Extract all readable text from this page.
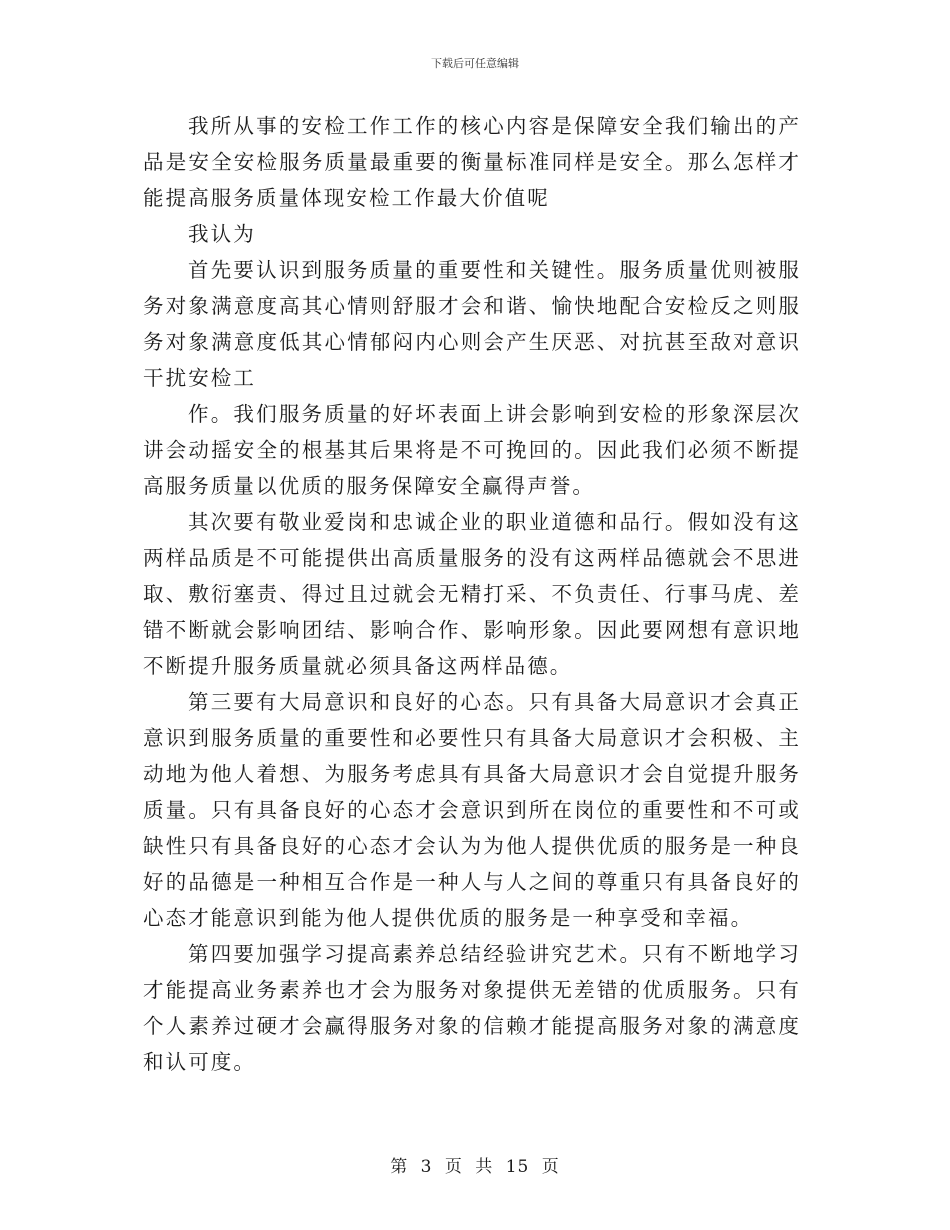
下载后可任意编辑

我所从事的安检工作工作的核心内容是保障安全我们输出的产品是安全安检服务质量最重要的衡量标准同样是安全。那么怎样才能提高服务质量体现安检工作最大价值呢

我认为

首先要认识到服务质量的重要性和关键性。服务质量优则被服务对象满意度高其心情则舒服才会和谐、愉快地配合安检反之则服务对象满意度低其心情郁闷内心则会产生厌恶、对抗甚至敌对意识干扰安检工

作。我们服务质量的好坏表面上讲会影响到安检的形象深层次讲会动摇安全的根基其后果将是不可挽回的。因此我们必须不断提高服务质量以优质的服务保障安全赢得声誉。

其次要有敬业爱岗和忠诚企业的职业道德和品行。假如没有这两样品质是不可能提供出高质量服务的没有这两样品德就会不思进取、敷衍塞责、得过且过就会无精打采、不负责任、行事马虎、差错不断就会影响团结、影响合作、影响形象。因此要网想有意识地不断提升服务质量就必须具备这两样品德。

第三要有大局意识和良好的心态。只有具备大局意识才会真正意识到服务质量的重要性和必要性只有具备大局意识才会积极、主动地为他人着想、为服务考虑具有具备大局意识才会自觉提升服务质量。只有具备良好的心态才会意识到所在岗位的重要性和不可或缺性只有具备良好的心态才会认为为他人提供优质的服务是一种良好的品德是一种相互合作是一种人与人之间的尊重只有具备良好的心态才能意识到能为他人提供优质的服务是一种享受和幸福。

第四要加强学习提高素养总结经验讲究艺术。只有不断地学习才能提高业务素养也才会为服务对象提供无差错的优质服务。只有个人素养过硬才会赢得服务对象的信赖才能提高服务对象的满意度和认可度。

第 3 页 共 15 页
